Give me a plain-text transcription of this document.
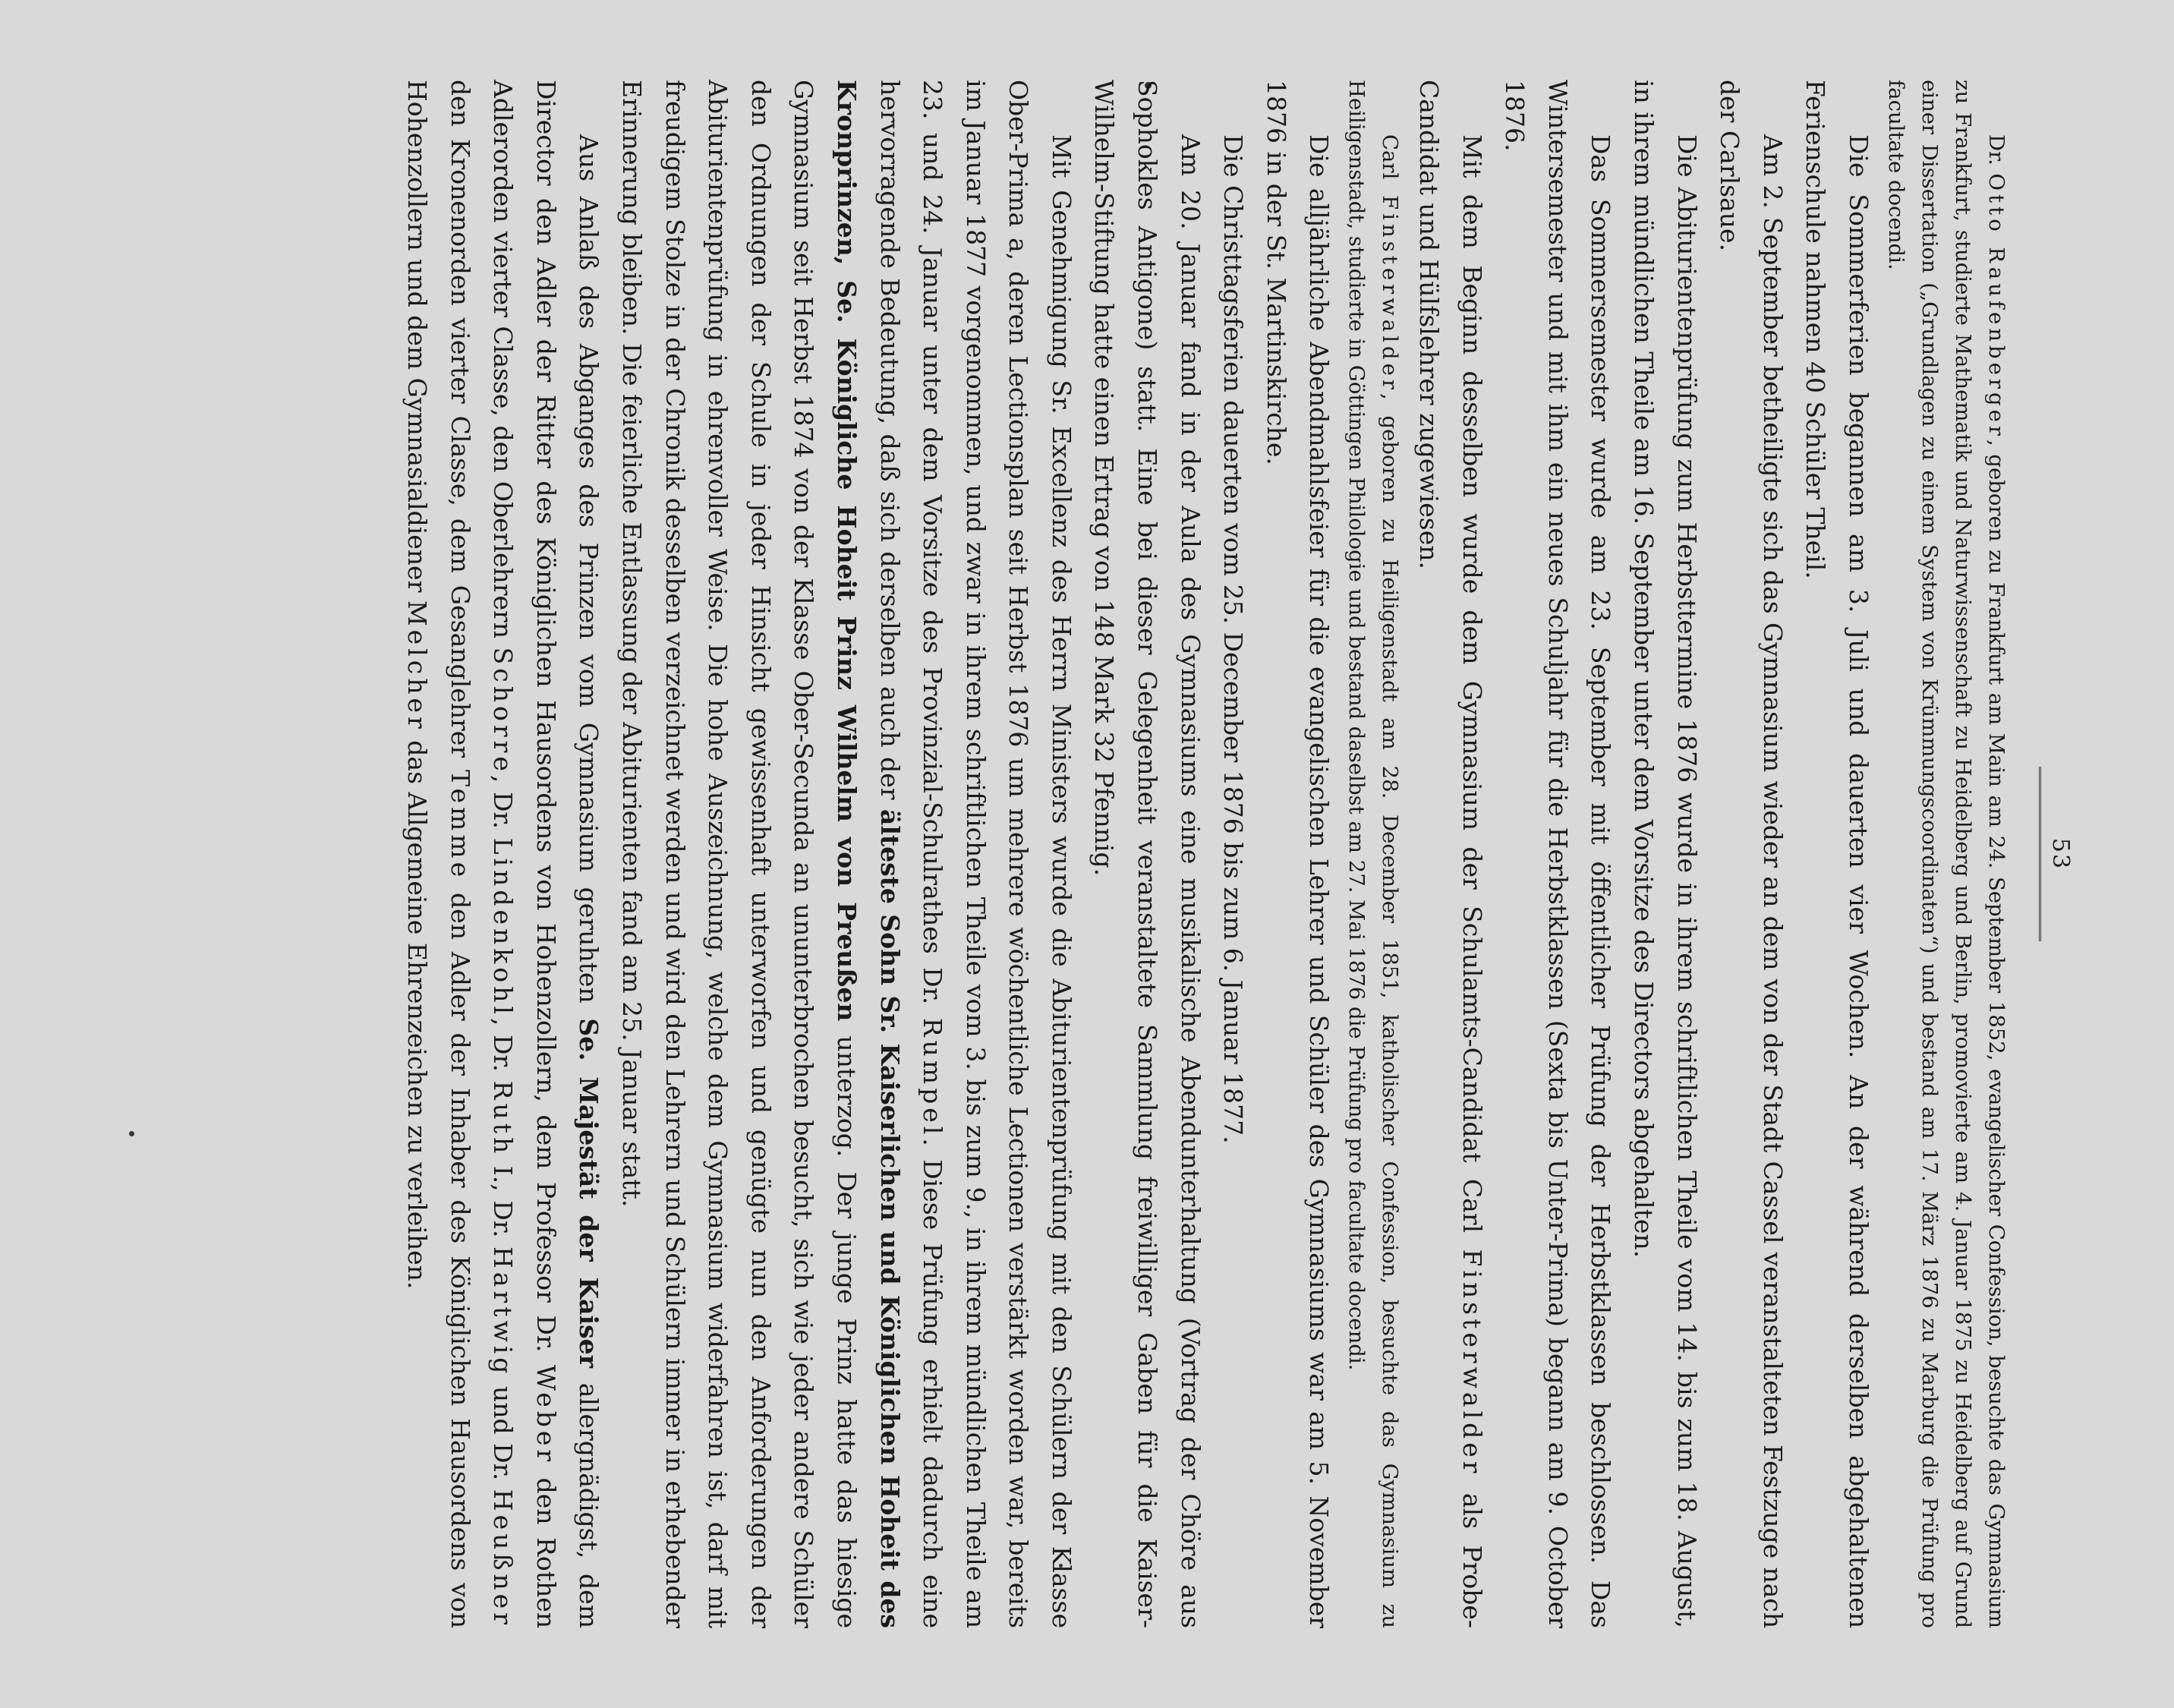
53

Dr. Otto Raufenberger, geboren zu Frankfurt am Main am 24. September 1852, evangelischer Confession, besuchte das Gymnasium zu Frankfurt, studierte Mathematik und Naturwissenschaft zu Heidelberg und Berlin, promovierte am 4. Januar 1875 zu Heidelberg auf Grund einer Dissertation („Grundlagen zu einem System von Krümmungscoordinaten“) und bestand am 17. März 1876 zu Marburg die Prüfung pro facultate docendi.

Die Sommerferien begannen am 3. Juli und dauerten vier Wochen. An der während derselben abgehaltenen Ferienschule nahmen 40 Schüler Theil.

Am 2. September betheiligte sich das Gymnasium wieder an dem von der Stadt Cassel veranstalteten Festzuge nach der Carlsaue.

Die Abiturientenprüfung zum Herbsttermine 1876 wurde in ihrem schriftlichen Theile vom 14. bis zum 18. August, in ihrem mündlichen Theile am 16. September unter dem Vorsitze des Directors abgehalten.

Das Sommersemester wurde am 23. September mit öffentlicher Prüfung der Herbstklassen beschlossen. Das Wintersemester und mit ihm ein neues Schuljahr für die Herbstklassen (Sexta bis Unter-Prima) begann am 9. October 1876.

Mit dem Beginn desselben wurde dem Gymnasium der Schulamts-Candidat Carl Finsterwalder als Probe-Candidat und Hülfslehrer zugewiesen.

Carl Finsterwalder, geboren zu Heiligenstadt am 28. December 1851, katholischer Confession, besuchte das Gymnasium zu Heiligenstadt, studierte in Göttingen Philologie und bestand daselbst am 27. Mai 1876 die Prüfung pro facultate docendi.

Die alljährliche Abendmahlsfeier für die evangelischen Lehrer und Schüler des Gymnasiums war am 5. November 1876 in der St. Martinskirche.

Die Christtagsferien dauerten vom 25. December 1876 bis zum 6. Januar 1877.

Am 20. Januar fand in der Aula des Gymnasiums eine musikalische Abendunterhaltung (Vortrag der Chöre aus Sophokles Antigone) statt. Eine bei dieser Gelegenheit veranstaltete Sammlung freiwilliger Gaben für die Kaiser-Wilhelm-Stiftung hatte einen Ertrag von 148 Mark 32 Pfennig.

Mit Genehmigung Sr. Excellenz des Herrn Ministers wurde die Abiturientenprüfung mit den Schülern der Klasse Ober-Prima a, deren Lectionsplan seit Herbst 1876 um mehrere wöchentliche Lectionen verstärkt worden war, bereits im Januar 1877 vorgenommen, und zwar in ihrem schriftlichen Theile vom 3. bis zum 9., in ihrem mündlichen Theile am 23. und 24. Januar unter dem Vorsitze des Provinzial-Schulrathes Dr. Rumpel. Diese Prüfung erhielt dadurch eine hervorragende Bedeutung, daß sich derselben auch der älteste Sohn Sr. Kaiserlichen und Königlichen Hoheit des Kronprinzen, Se. Königliche Hoheit Prinz Wilhelm von Preußen unterzog. Der junge Prinz hatte das hiesige Gymnasium seit Herbst 1874 von der Klasse Ober-Secunda an ununterbrochen besucht, sich wie jeder andere Schüler den Ordnungen der Schule in jeder Hinsicht gewissenhaft unterworfen und genügte nun den Anforderungen der Abiturientenprüfung in ehrenvoller Weise. Die hohe Auszeichnung, welche dem Gymnasium widerfahren ist, darf mit freudigem Stolze in der Chronik desselben verzeichnet werden und wird den Lehrern und Schülern immer in erhebender Erinnerung bleiben. Die feierliche Entlassung der Abiturienten fand am 25. Januar statt.

Aus Anlaß des Abganges des Prinzen vom Gymnasium geruhten Se. Majestät der Kaiser allergnädigst, dem Director den Adler der Ritter des Königlichen Hausordens von Hohenzollern, dem Professor Dr. Weber den Rothen Adlerorden vierter Classe, den Oberlehrern Schorre, Dr. Lindenkohl, Dr. Ruth I., Dr. Hartwig und Dr. Heußner den Kronenorden vierter Classe, dem Gesanglehrer Temme den Adler der Inhaber des Königlichen Hausordens von Hohenzollern und dem Gymnasialdiener Melcher das Allgemeine Ehrenzeichen zu verleihen.
